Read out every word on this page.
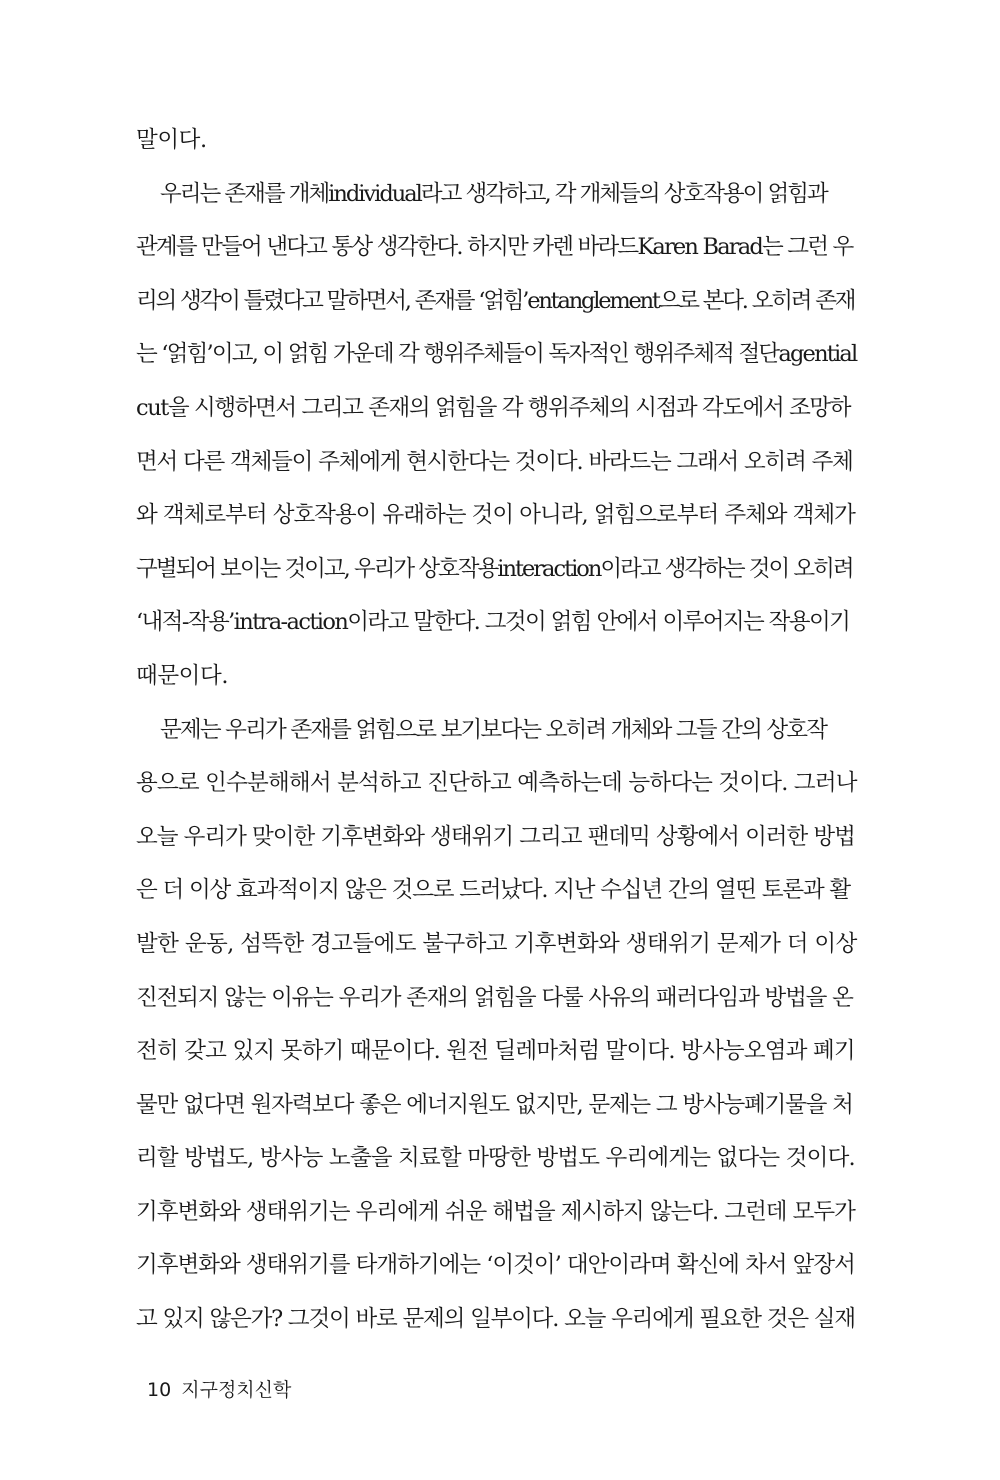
말이다.
우리는 존재를 개체individual라고 생각하고, 각 개체들의 상호작용이 얽힘과
관계를 만들어 낸다고 통상 생각한다. 하지만 카렌 바라드Karen Barad는 그런 우
리의 생각이 틀렸다고 말하면서, 존재를 ‘얽힘’entanglement으로 본다. 오히려 존재
는 ‘얽힘’이고, 이 얽힘 가운데 각 행위주체들이 독자적인 행위주체적 절단agential
cut을 시행하면서 그리고 존재의 얽힘을 각 행위주체의 시점과 각도에서 조망하
면서 다른 객체들이 주체에게 현시한다는 것이다. 바라드는 그래서 오히려 주체
와 객체로부터 상호작용이 유래하는 것이 아니라, 얽힘으로부터 주체와 객체가
구별되어 보이는 것이고, 우리가 상호작용interaction이라고 생각하는 것이 오히려
‘내적-작용’intra-action이라고 말한다. 그것이 얽힘 안에서 이루어지는 작용이기
때문이다.
문제는 우리가 존재를 얽힘으로 보기보다는 오히려 개체와 그들 간의 상호작
용으로 인수분해해서 분석하고 진단하고 예측하는데 능하다는 것이다. 그러나
오늘 우리가 맞이한 기후변화와 생태위기 그리고 팬데믹 상황에서 이러한 방법
은 더 이상 효과적이지 않은 것으로 드러났다. 지난 수십년 간의 열띤 토론과 활
발한 운동, 섬뜩한 경고들에도 불구하고 기후변화와 생태위기 문제가 더 이상
진전되지 않는 이유는 우리가 존재의 얽힘을 다룰 사유의 패러다임과 방법을 온
전히 갖고 있지 못하기 때문이다. 원전 딜레마처럼 말이다. 방사능오염과 폐기
물만 없다면 원자력보다 좋은 에너지원도 없지만, 문제는 그 방사능폐기물을 처
리할 방법도, 방사능 노출을 치료할 마땅한 방법도 우리에게는 없다는 것이다.
기후변화와 생태위기는 우리에게 쉬운 해법을 제시하지 않는다. 그런데 모두가
기후변화와 생태위기를 타개하기에는 ‘이것이’ 대안이라며 확신에 차서 앞장서
고 있지 않은가? 그것이 바로 문제의 일부이다. 오늘 우리에게 필요한 것은 실재
10 지구정치신학
